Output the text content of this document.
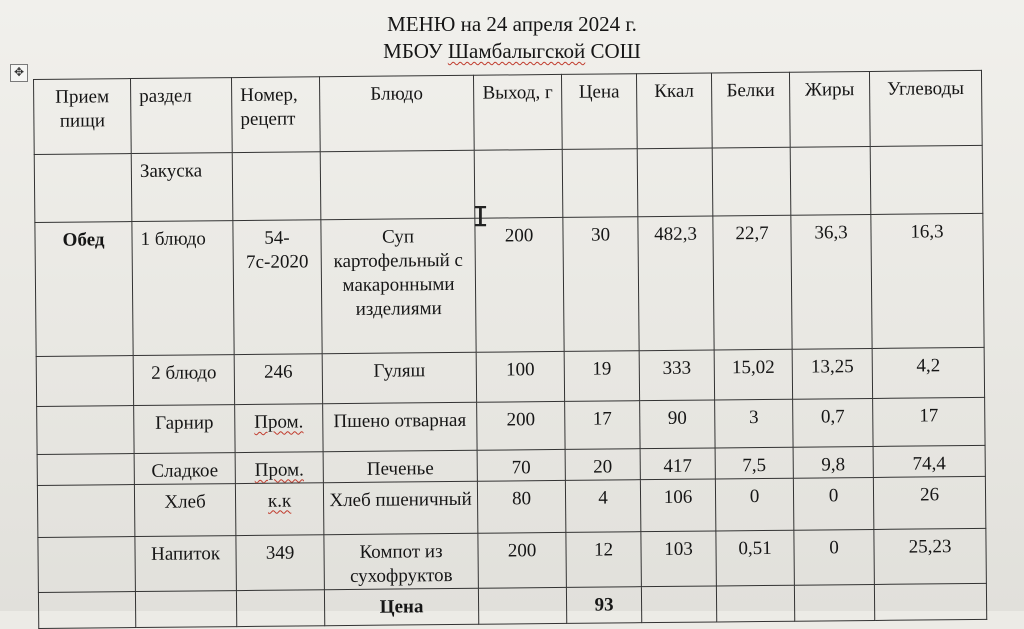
МЕНЮ на 24 апреля 2024 г.
МБОУ Шамбалыгской СОШ
✥
Прием пищи	раздел	Номер, рецепт	Блюдо	Выход, г	Цена	Ккал	Белки	Жиры	Углеводы
	Закуска								
Обед	1 блюдо	54-7с-2020	Суп картофельный с макаронными изделиями	200	30	482,3	22,7	36,3	16,3
	2 блюдо	246	Гуляш	100	19	333	15,02	13,25	4,2
	Гарнир	Пром.	Пшено отварная	200	17	90	3	0,7	17
	Сладкое	Пром.	Печенье	70	20	417	7,5	9,8	74,4
	Хлеб	к.к	Хлеб пшеничный	80	4	106	0	0	26
	Напиток	349	Компот из сухофруктов	200	12	103	0,51	0	25,23
			Цена		93				
I
